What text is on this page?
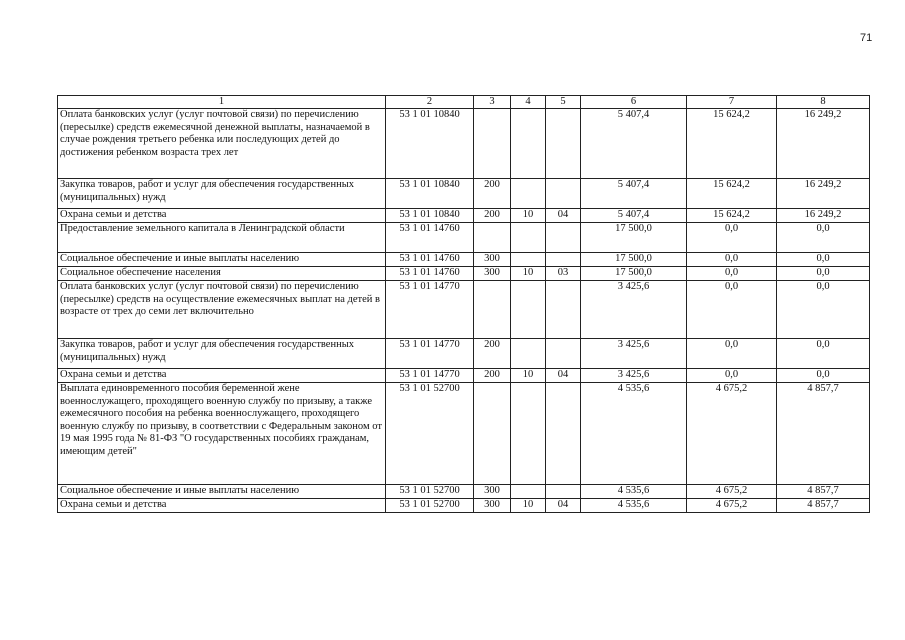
71
1	2	3	4	5	6	7	8
Оплата банковских услуг (услуг почтовой связи) по перечислению (пересылке) средств ежемесячной денежной выплаты, назначаемой в случае рождения третьего ребенка или последующих детей до достижения ребенком возраста трех лет	53 1 01 10840				5 407,4	15 624,2	16 249,2
Закупка товаров, работ и услуг для обеспечения государственных (муниципальных) нужд	53 1 01 10840	200			5 407,4	15 624,2	16 249,2
Охрана семьи и детства	53 1 01 10840	200	10	04	5 407,4	15 624,2	16 249,2
Предоставление земельного капитала в Ленинградской области	53 1 01 14760				17 500,0	0,0	0,0
Социальное обеспечение и иные выплаты населению	53 1 01 14760	300			17 500,0	0,0	0,0
Социальное обеспечение населения	53 1 01 14760	300	10	03	17 500,0	0,0	0,0
Оплата банковских услуг (услуг почтовой связи) по перечислению (пересылке) средств на осуществление ежемесячных выплат на детей в возрасте от трех до семи лет включительно	53 1 01 14770				3 425,6	0,0	0,0
Закупка товаров, работ и услуг для обеспечения государственных (муниципальных) нужд	53 1 01 14770	200			3 425,6	0,0	0,0
Охрана семьи и детства	53 1 01 14770	200	10	04	3 425,6	0,0	0,0
Выплата единовременного пособия беременной жене военнослужащего, проходящего военную службу по призыву, а также ежемесячного пособия на ребенка военнослужащего, проходящего военную службу по призыву, в соответствии с Федеральным законом от 19 мая 1995 года № 81-ФЗ "О государственных пособиях гражданам, имеющим детей"	53 1 01 52700				4 535,6	4 675,2	4 857,7
Социальное обеспечение и иные выплаты населению	53 1 01 52700	300			4 535,6	4 675,2	4 857,7
Охрана семьи и детства	53 1 01 52700	300	10	04	4 535,6	4 675,2	4 857,7
